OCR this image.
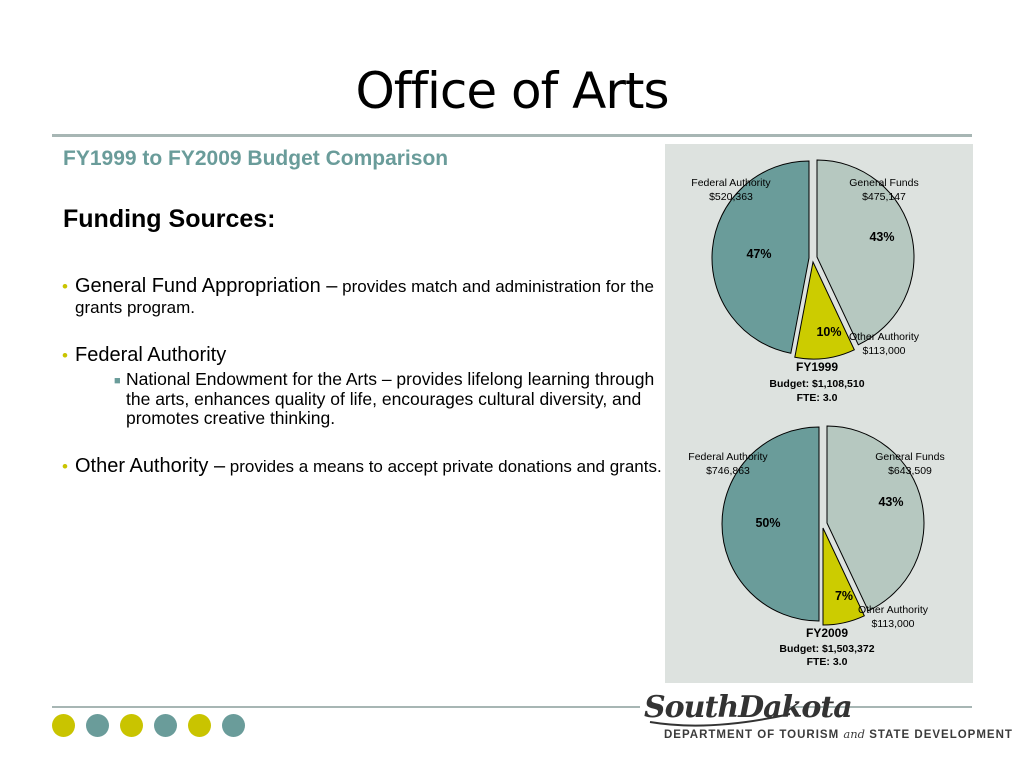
Office of Arts
FY1999 to FY2009 Budget Comparison
Funding Sources:
• General Fund Appropriation – provides match and administration for the grants program.
• Federal Authority
■ National Endowment for the Arts – provides lifelong learning through the arts, enhances quality of life, encourages cultural diversity, and promotes creative thinking.
• Other Authority – provides a means to accept private donations and grants.
43%
General Funds
$475,147
10% Other Authority
$113,000
47%
Federal Authority
$520,363
FY1999
Budget: $1,108,510
FTE: 3.0
43%
General Funds
$643,509
7%
Other Authority
$113,000
50%
Federal Authority
$746,863
FY2009
Budget: $1,503,372
FTE: 3.0
SouthDakota
DEPARTMENT OF TOURISM and STATE DEVELOPMENT
